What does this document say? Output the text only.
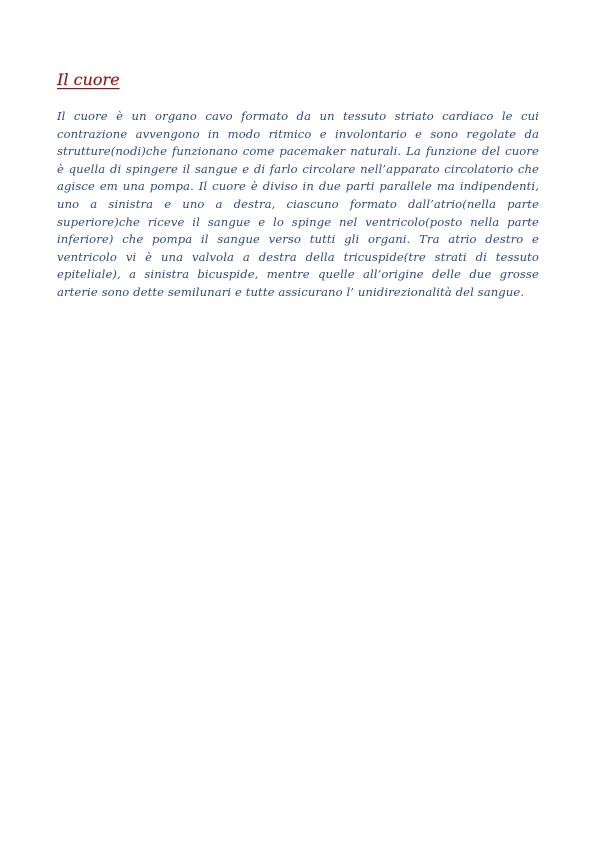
Il cuore

Il cuore è un organo cavo formato da un tessuto striato cardiaco le cui contrazione avvengono in modo ritmico e involontario e sono regolate da strutture(nodi)che funzionano come pacemaker naturali. La funzione del cuore è quella di spingere il sangue e di farlo circolare nell’apparato circolatorio che agisce em una pompa. Il cuore è diviso in due parti parallele ma indipendenti, uno a sinistra e uno a destra, ciascuno formato dall’atrio(nella parte superiore)che riceve il sangue e lo spinge nel ventricolo(posto nella parte inferiore) che pompa il sangue verso tutti gli organi. Tra atrio destro e ventricolo vi è una valvola a destra della tricuspide(tre strati di tessuto epiteliale), a sinistra bicuspide, mentre quelle all’origine delle due grosse arterie sono dette semilunari e tutte assicurano l’ unidirezionalità del sangue.
